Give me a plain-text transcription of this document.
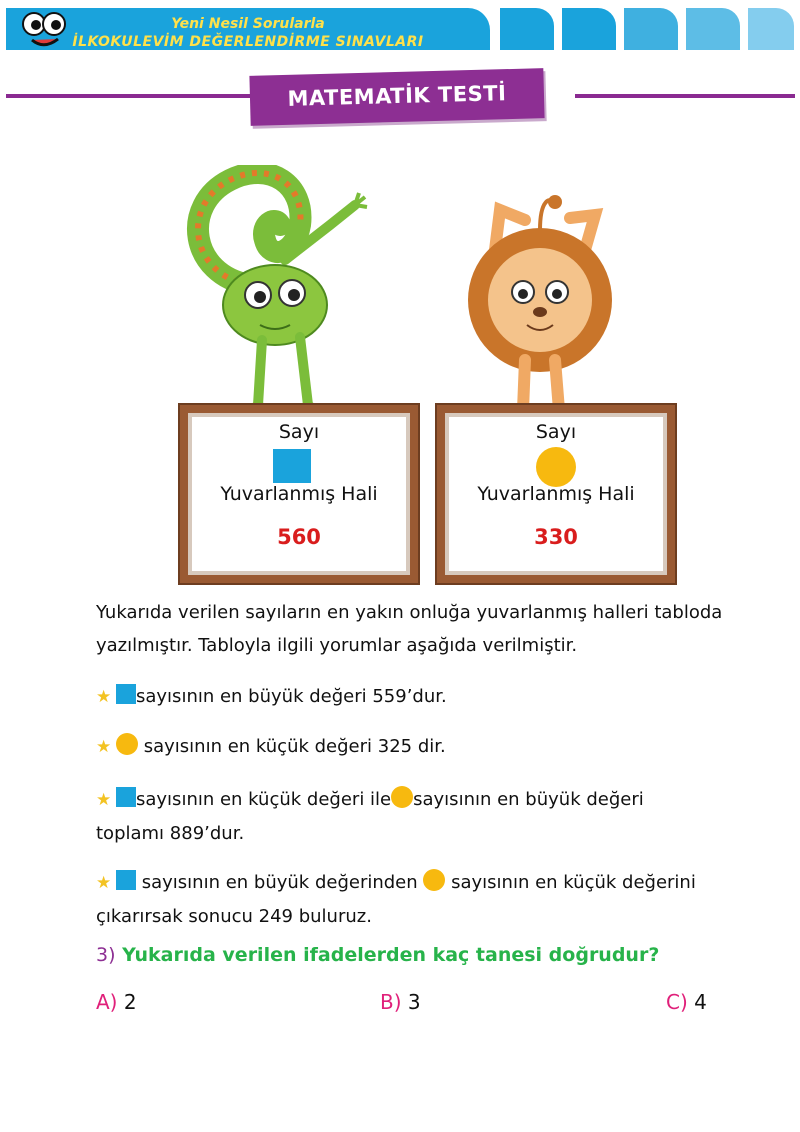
Yeni Nesil Sorularla
İLKOKULEVİM DEĞERLENDİRME SINAVLARI
MATEMATİK TESTİ
Sayı
Yuvarlanmış Hali
560
Sayı
Yuvarlanmış Hali
330
Yukarıda verilen sayıların en yakın onluğa yuvarlanmış halleri tabloda
yazılmıştır. Tabloyla ilgili yorumlar aşağıda verilmiştir.
★ sayısının en büyük değeri 559’dur.
★ sayısının en küçük değeri 325 dir.
★ sayısının en küçük değeri ile sayısının en büyük değeri
toplamı 889’dur.
★ sayısının en büyük değerinden  sayısının en küçük değerini
çıkarırsak sonucu 249 buluruz.
3) Yukarıda verilen ifadelerden kaç tanesi doğrudur?
A) 2	B) 3	C) 4
